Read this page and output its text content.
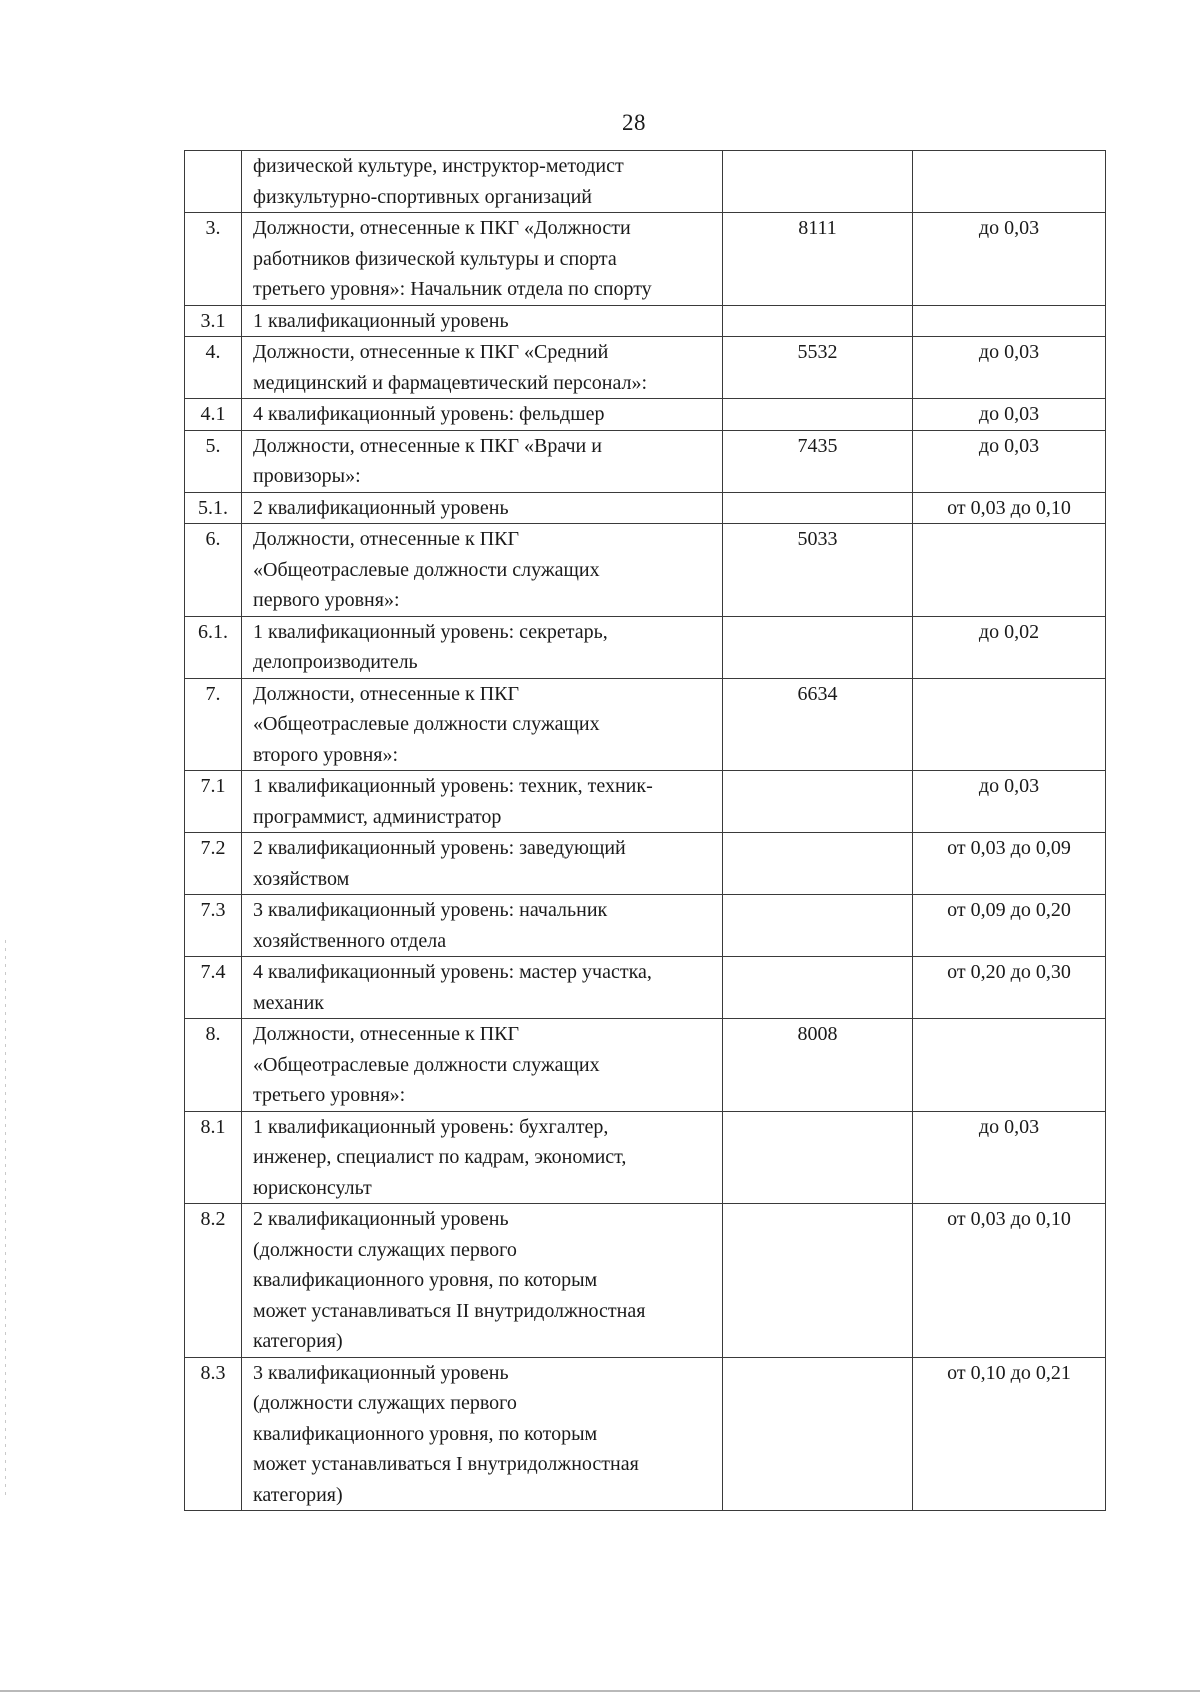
28

	физической культуре, инструктор-методист
физкультурно-спортивных организаций		

3.	Должности, отнесенные к ПКГ «Должности
работников физической культуры и спорта
третьего уровня»: Начальник отдела по спорту	8111	до 0,03
3.1	1 квалификационный уровень		

4.	Должности, отнесенные к ПКГ «Средний
медицинский и фармацевтический персонал»:	5532	до 0,03
4.1	4 квалификационный уровень: фельдшер		до 0,03
5.	Должности, отнесенные к ПКГ «Врачи и
провизоры»:	7435	до 0,03
5.1.	2 квалификационный уровень		от 0,03 до 0,10
6.	Должности, отнесенные к ПКГ
«Общеотраслевые должности служащих
первого уровня»:	5033	
6.1.	1 квалификационный уровень: секретарь,
делопроизводитель		до 0,02
7.	Должности, отнесенные к ПКГ
«Общеотраслевые должности служащих
второго уровня»:	6634	
7.1	1 квалификационный уровень: техник, техник-
программист, администратор		до 0,03
7.2	2 квалификационный уровень: заведующий
хозяйством		от 0,03 до 0,09
7.3	3 квалификационный уровень: начальник
хозяйственного отдела		от 0,09 до 0,20
7.4	4 квалификационный уровень: мастер участка,
механик		от 0,20 до 0,30
8.	Должности, отнесенные к ПКГ
«Общеотраслевые должности служащих
третьего уровня»:	8008	
8.1	1 квалификационный уровень: бухгалтер,
инженер, специалист по кадрам, экономист,
юрисконсульт		до 0,03
8.2	2 квалификационный уровень
(должности служащих первого
квалификационного уровня, по которым
может устанавливаться II внутридолжностная
категория)		от 0,03 до 0,10
8.3	3 квалификационный уровень
(должности служащих первого
квалификационного уровня, по которым
может устанавливаться I внутридолжностная
категория)		от 0,10 до 0,21
